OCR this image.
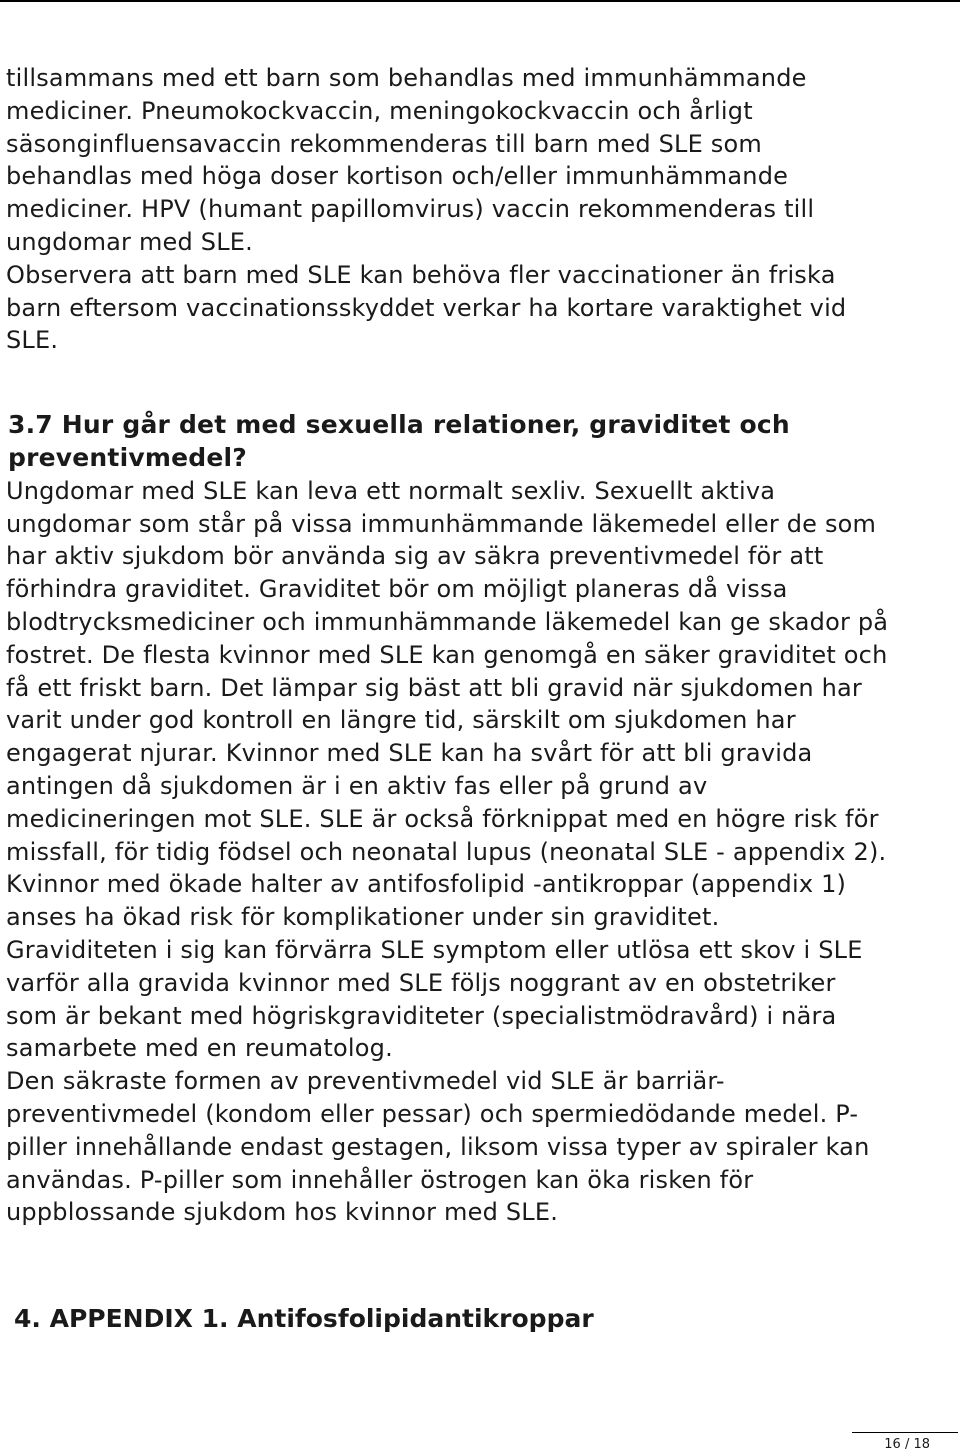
tillsammans med ett barn som behandlas med immunhämmande
mediciner. Pneumokockvaccin, meningokockvaccin och årligt
säsonginfluensavaccin rekommenderas till barn med SLE som
behandlas med höga doser kortison och/eller immunhämmande
mediciner. HPV (humant papillomvirus) vaccin rekommenderas till
ungdomar med SLE.
Observera att barn med SLE kan behöva fler vaccinationer än friska
barn eftersom vaccinationsskyddet verkar ha kortare varaktighet vid
SLE.

3.7 Hur går det med sexuella relationer, graviditet och
preventivmedel?

Ungdomar med SLE kan leva ett normalt sexliv. Sexuellt aktiva
ungdomar som står på vissa immunhämmande läkemedel eller de som
har aktiv sjukdom bör använda sig av säkra preventivmedel för att
förhindra graviditet. Graviditet bör om möjligt planeras då vissa
blodtrycksmediciner och immunhämmande läkemedel kan ge skador på
fostret. De flesta kvinnor med SLE kan genomgå en säker graviditet och
få ett friskt barn. Det lämpar sig bäst att bli gravid när sjukdomen har
varit under god kontroll en längre tid, särskilt om sjukdomen har
engagerat njurar. Kvinnor med SLE kan ha svårt för att bli gravida
antingen då sjukdomen är i en aktiv fas eller på grund av
medicineringen mot SLE. SLE är också förknippat med en högre risk för
missfall, för tidig födsel och neonatal lupus (neonatal SLE - appendix 2).
Kvinnor med ökade halter av antifosfolipid -antikroppar (appendix 1)
anses ha ökad risk för komplikationer under sin graviditet.
Graviditeten i sig kan förvärra SLE symptom eller utlösa ett skov i SLE
varför alla gravida kvinnor med SLE följs noggrant av en obstetriker
som är bekant med högriskgraviditeter (specialistmödravård) i nära
samarbete med en reumatolog.
Den säkraste formen av preventivmedel vid SLE är barriär-
preventivmedel (kondom eller pessar) och spermiedödande medel. P-
piller innehållande endast gestagen, liksom vissa typer av spiraler kan
användas. P-piller som innehåller östrogen kan öka risken för
uppblossande sjukdom hos kvinnor med SLE.

4. APPENDIX 1. Antifosfolipidantikroppar
16 / 18
